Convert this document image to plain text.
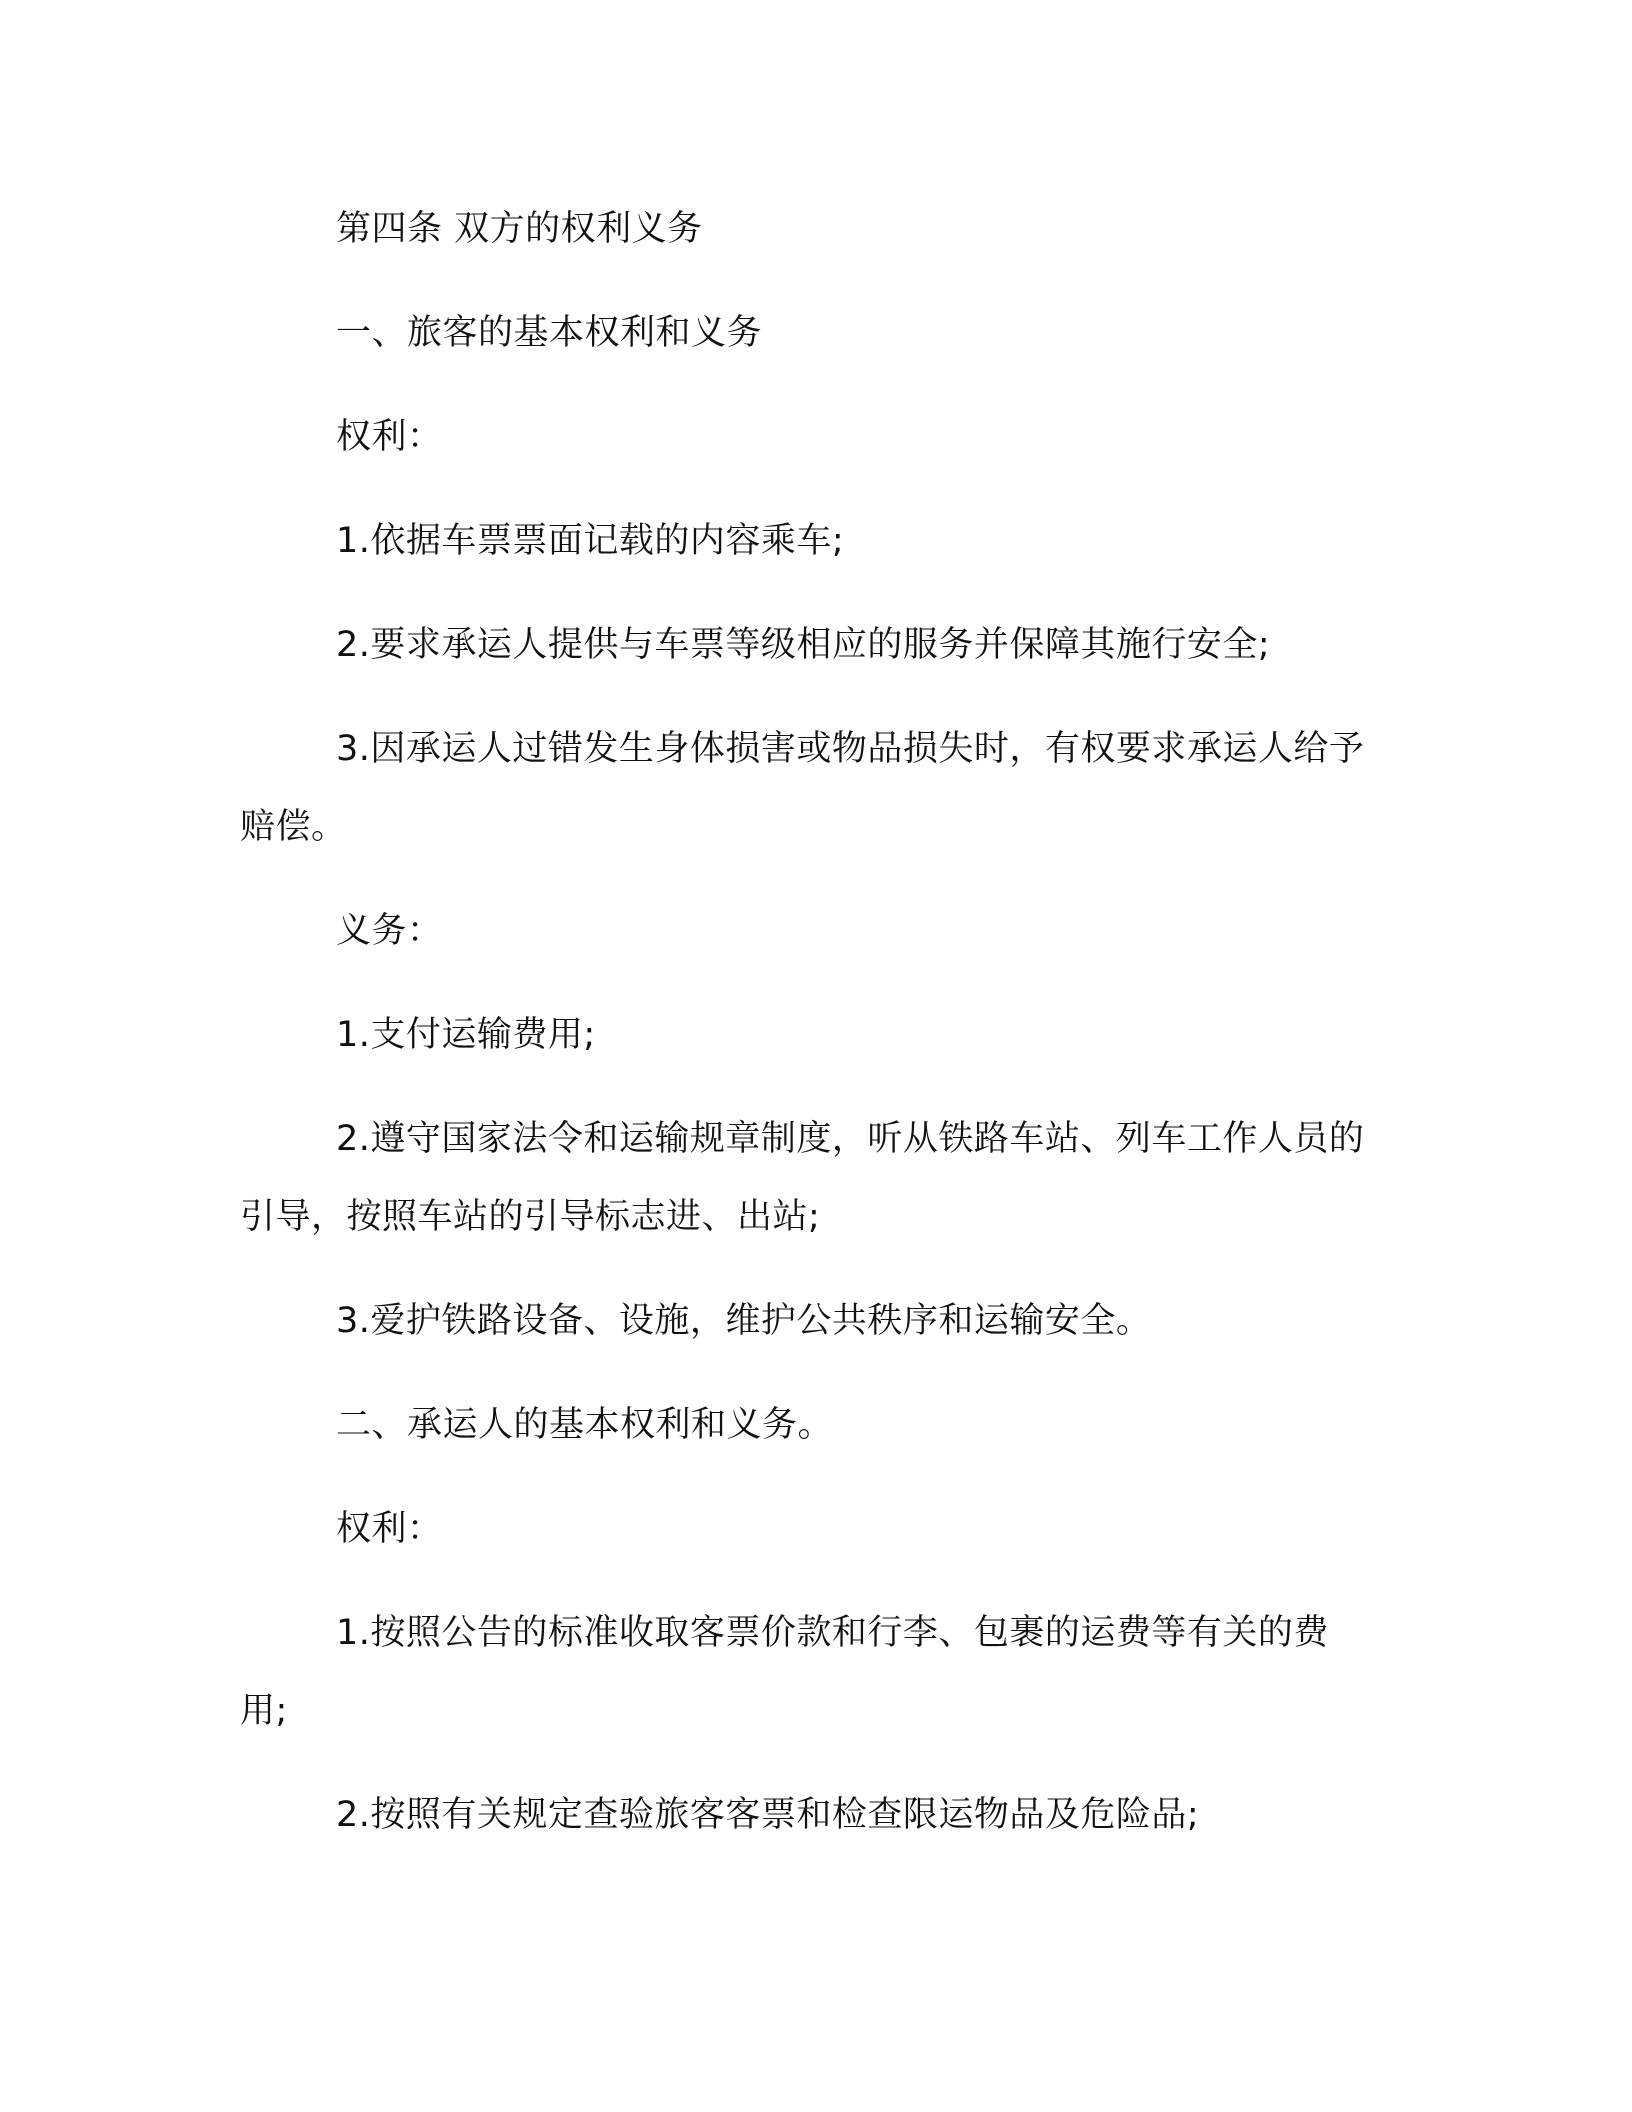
第四条 双方的权利义务

一、旅客的基本权利和义务

权利：

1.依据车票票面记载的内容乘车;

2.要求承运人提供与车票等级相应的服务并保障其施行安全;

3.因承运人过错发生身体损害或物品损失时，有权要求承运人给予赔偿。

义务：

1.支付运输费用;

2.遵守国家法令和运输规章制度，听从铁路车站、列车工作人员的引导，按照车站的引导标志进、出站;

3.爱护铁路设备、设施，维护公共秩序和运输安全。

二、承运人的基本权利和义务。

权利：

1.按照公告的标准收取客票价款和行李、包裹的运费等有关的费用;

2.按照有关规定查验旅客客票和检查限运物品及危险品;
